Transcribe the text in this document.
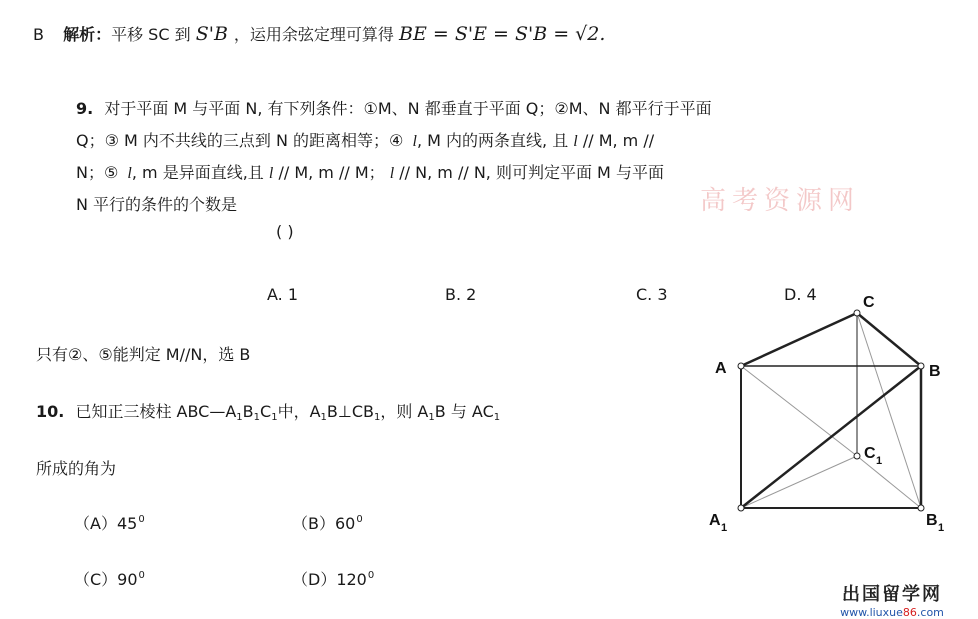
B 解析：平移 SC 到 S'B ，运用余弦定理可算得 BE = S'E = S'B = √2.
9. 对于平面 M 与平面 N, 有下列条件：①M、N 都垂直于平面 Q；②M、N 都平行于平面
Q；③ M 内不共线的三点到 N 的距离相等；④ l, M 内的两条直线, 且 l // M, m //
N；⑤ l, m 是异面直线,且 l // M, m // M； l // N, m // N, 则可判定平面 M 与平面
N 平行的条件的个数是	高考资源网
( )
A. 1	B. 2	C. 3	D. 4
只有②、⑤能判定 M//N，选 B
10. 已知正三棱柱 ABC—A1B1C1中，A1B⊥CB1，则 A1B 与 AC1
所成的角为
$(A)45^0$	$(B)60^0$
$(C)90^0$	$(D)120^0$
C
A	B
C 1
A 1	B 1
出国留学网
www.liuxue86.com
